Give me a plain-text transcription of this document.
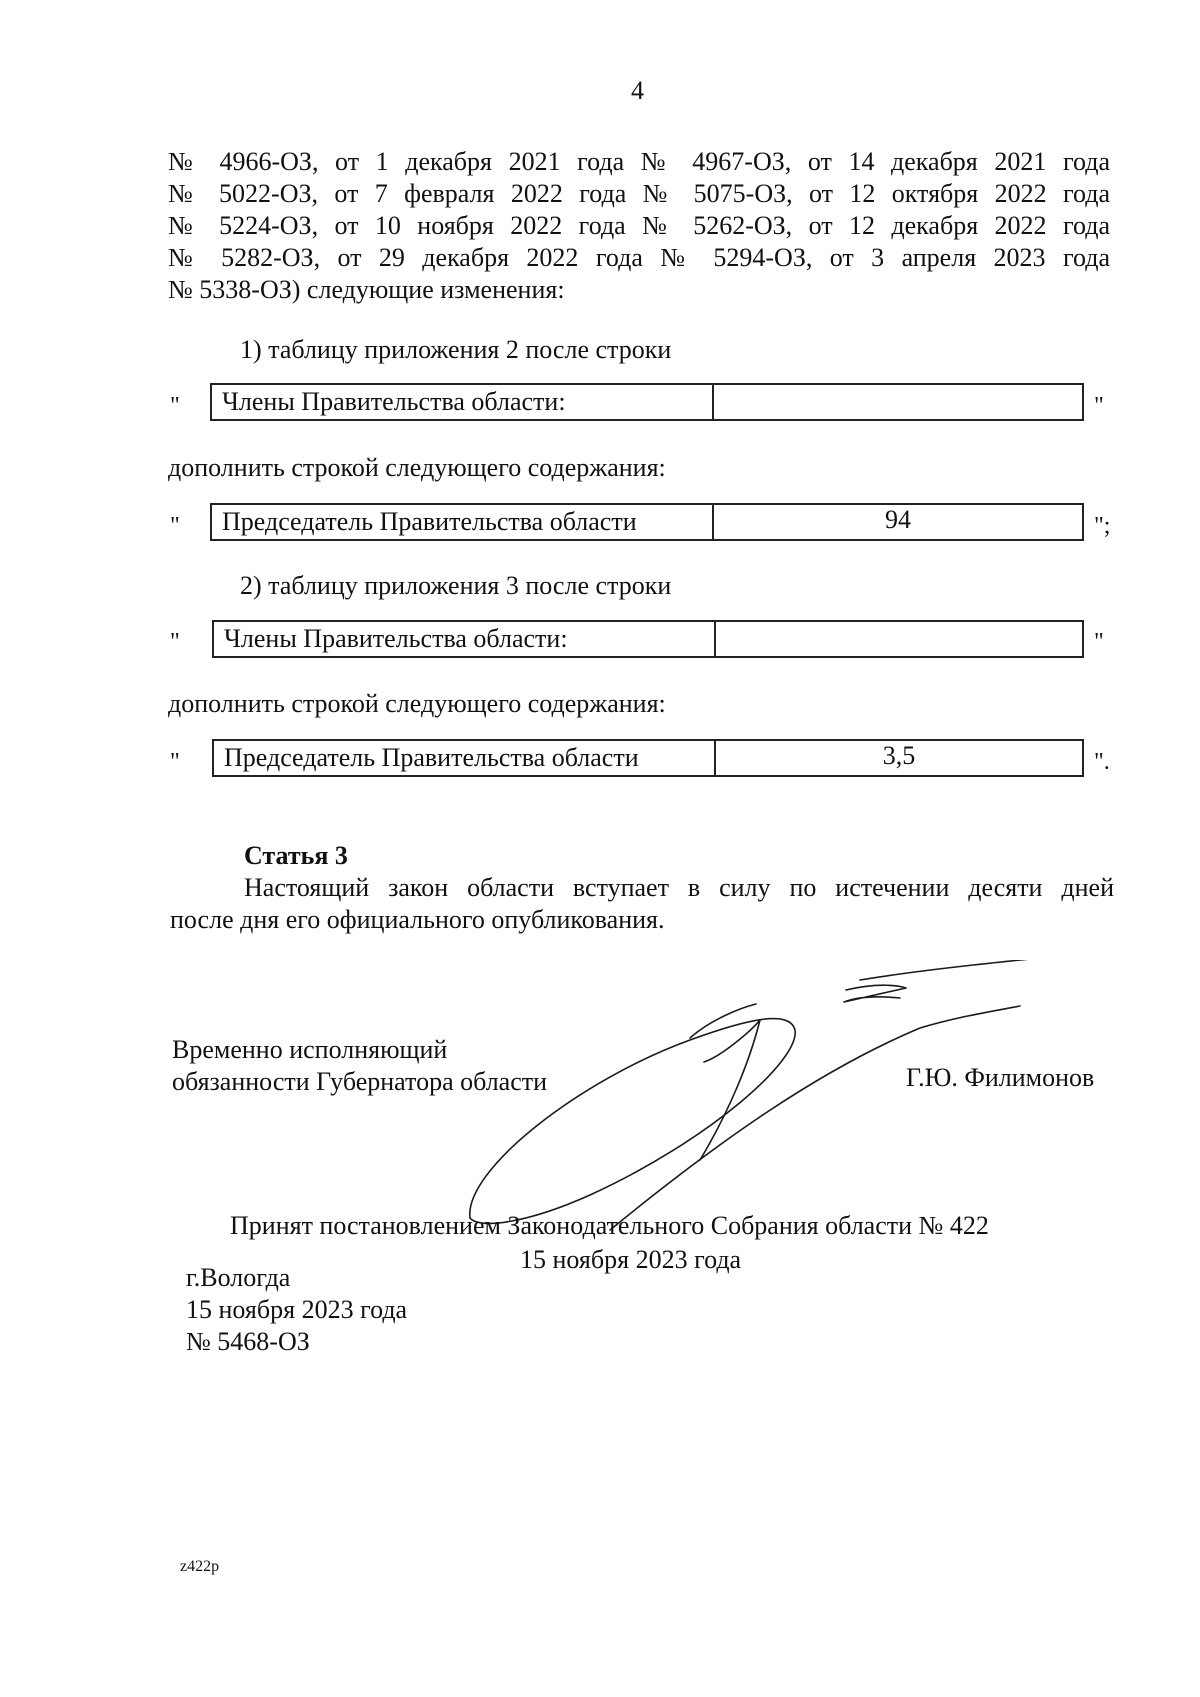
4
№ 4966-ОЗ, от 1 декабря 2021 года № 4967-ОЗ, от 14 декабря 2021 года
№ 5022-ОЗ, от 7 февраля 2022 года № 5075-ОЗ, от 12 октября 2022 года
№ 5224-ОЗ, от 10 ноября 2022 года № 5262-ОЗ, от 12 декабря 2022 года
№ 5282-ОЗ, от 29 декабря 2022 года № 5294-ОЗ, от 3 апреля 2023 года
№ 5338-ОЗ) следующие изменения:
1) таблицу приложения 2 после строки
"	Члены Правительства области:	"
дополнить строкой следующего содержания:
"	Председатель Правительства области	94	";
2) таблицу приложения 3 после строки
"	Члены Правительства области:	"
дополнить строкой следующего содержания:
"	Председатель Правительства области	3,5	".
Статья 3
Настоящий закон области вступает в силу по истечении десяти дней
после дня его официального опубликования.
Временно исполняющий
обязанности Губернатора области	Г.Ю. Филимонов
Принят постановлением Законодательного Собрания области № 422
15 ноября 2023 года
г.Вологда
15 ноября 2023 года
№ 5468-ОЗ
z422p
